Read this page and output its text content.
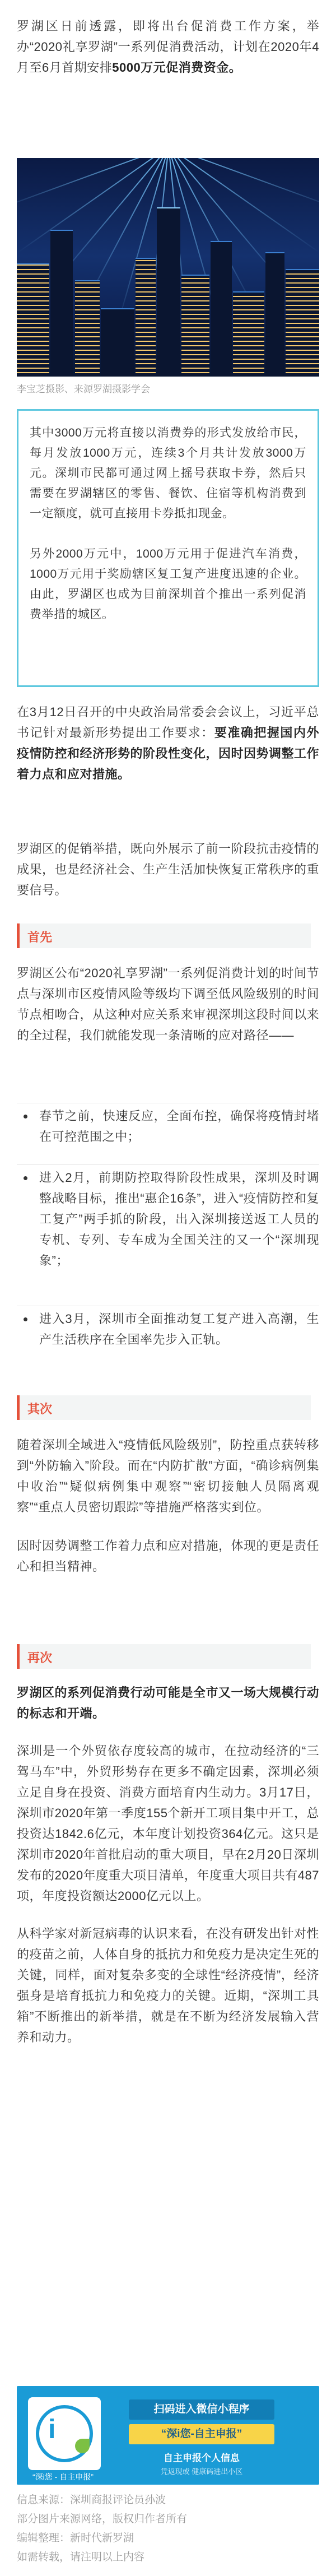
罗湖区日前透露，即将出台促消费工作方案，举办“2020礼享罗湖”一系列促消费活动，计划在2020年4月至6月首期安排5000万元促消费资金。

李宝芝摄影、来源罗湖摄影学会

其中3000万元将直接以消费券的形式发放给市民，每月发放1000万元，连续3个月共计发放3000万元。深圳市民都可通过网上摇号获取卡券，然后只需要在罗湖辖区的零售、餐饮、住宿等机构消费到一定额度，就可直接用卡券抵扣现金。

另外2000万元中，1000万元用于促进汽车消费，1000万元用于奖励辖区复工复产进度迅速的企业。由此，罗湖区也成为目前深圳首个推出一系列促消费举措的城区。

在3月12日召开的中央政治局常委会会议上，习近平总书记针对最新形势提出工作要求：要准确把握国内外疫情防控和经济形势的阶段性变化，因时因势调整工作着力点和应对措施。

罗湖区的促销举措，既向外展示了前一阶段抗击疫情的成果，也是经济社会、生产生活加快恢复正常秩序的重要信号。

首先

罗湖区公布“2020礼享罗湖”一系列促消费计划的时间节点与深圳市区疫情风险等级均下调至低风险级别的时间节点相吻合，从这种对应关系来审视深圳这段时间以来的全过程，我们就能发现一条清晰的应对路径——

春节之前，快速反应，全面布控，确保将疫情封堵在可控范围之中；

进入2月，前期防控取得阶段性成果，深圳及时调整战略目标，推出“惠企16条”，进入“疫情防控和复工复产”两手抓的阶段，出入深圳接送返工人员的专机、专列、专车成为全国关注的又一个“深圳现象”；

进入3月，深圳市全面推动复工复产进入高潮，生产生活秩序在全国率先步入正轨。

其次

随着深圳全域进入“疫情低风险级别”，防控重点获转移到“外防输入”阶段。而在“内防扩散”方面，“确诊病例集中收治”“疑似病例集中观察”“密切接触人员隔离观察”“重点人员密切跟踪”等措施严格落实到位。

因时因势调整工作着力点和应对措施，体现的更是责任心和担当精神。

再次

罗湖区的系列促消费行动可能是全市又一场大规模行动的标志和开端。

深圳是一个外贸依存度较高的城市，在拉动经济的“三驾马车”中，外贸形势存在更多不确定因素，深圳必须立足自身在投资、消费方面培育内生动力。3月17日，深圳市2020年第一季度155个新开工项目集中开工，总投资达1842.6亿元，本年度计划投资364亿元。这只是深圳市2020年首批启动的重大项目，早在2月20日深圳发布的2020年度重大项目清单，年度重大项目共有487项，年度投资额达2000亿元以上。

从科学家对新冠病毒的认识来看，在没有研发出针对性的疫苗之前，人体自身的抵抗力和免疫力是决定生死的关键，同样，面对复杂多变的全球性“经济疫情”，经济强身是培育抵抗力和免疫力的关键。近期，“深圳工具箱”不断推出的新举措，就是在不断为经济发展输入营养和动力。

i
“深i您 - 自主申报”
扫码进入微信小程序
“深i您-自主申报”
自主申报个人信息
凭返现或 健康码进出小区
信息来源：深圳商报评论员孙波
部分图片来源网络，版权归作者所有
编辑整理：新时代新罗湖
如需转载，请注明以上内容
